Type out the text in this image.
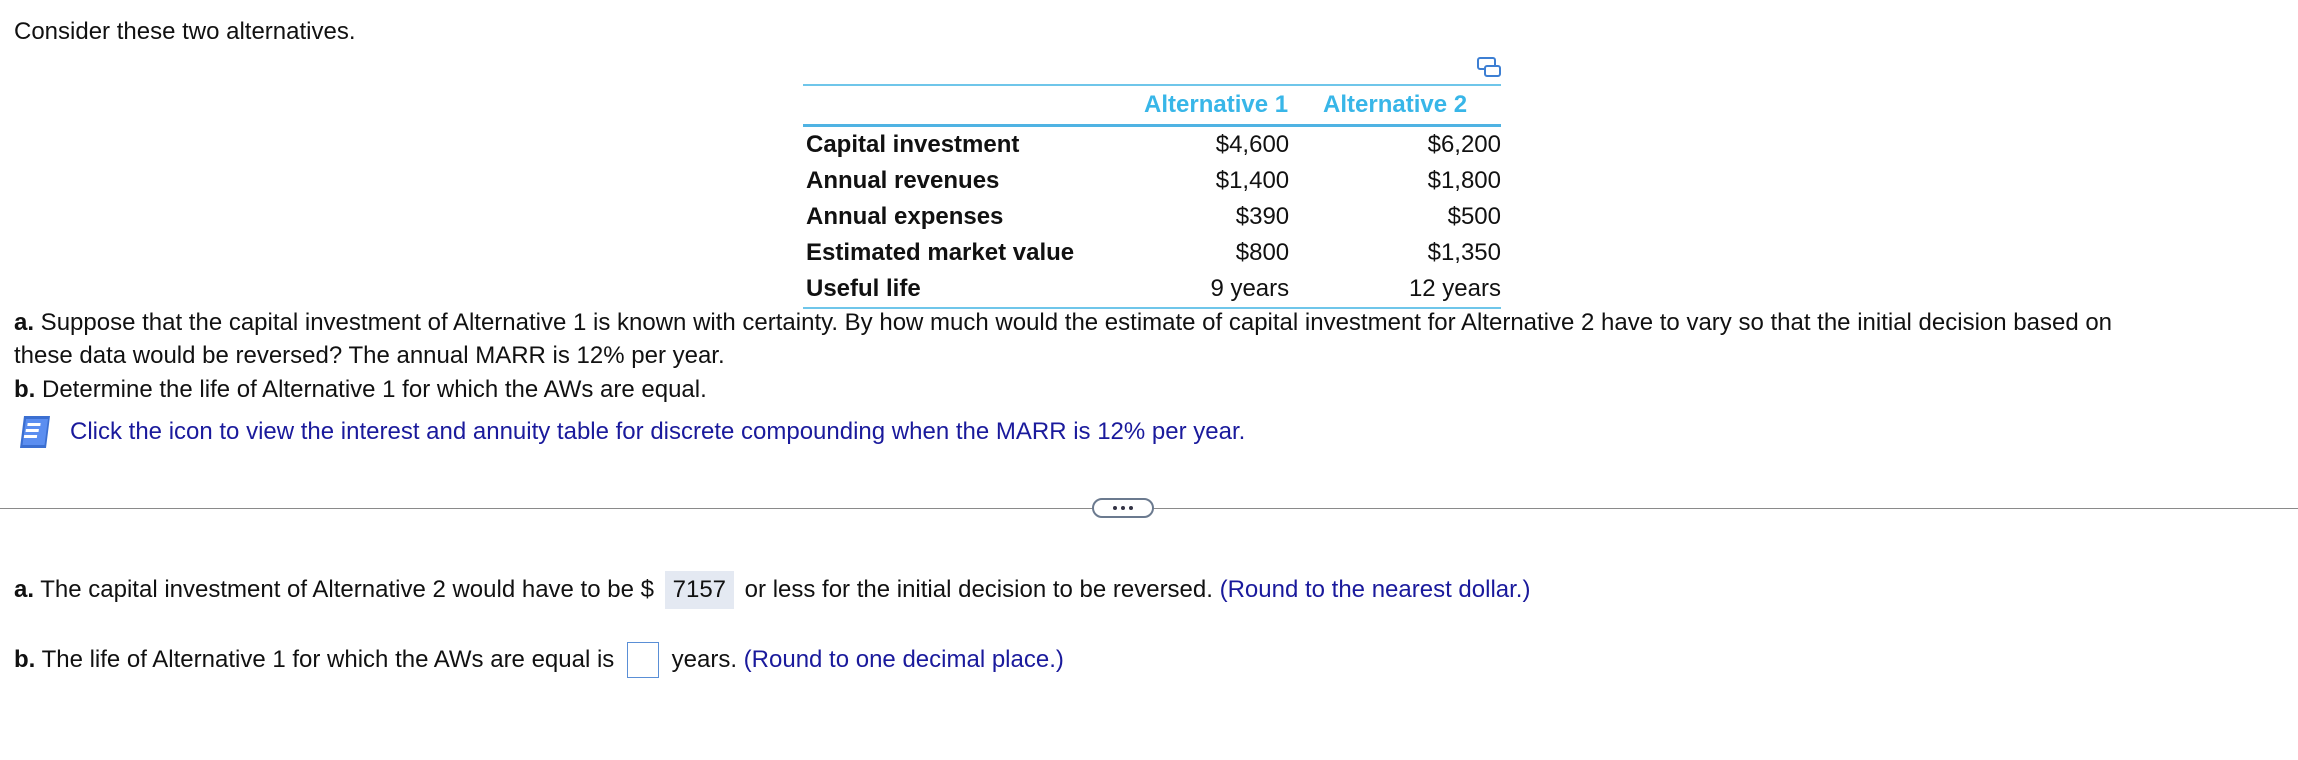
Consider these two alternatives.
	Alternative 1	Alternative 2
Capital investment	$4,600	$6,200
Annual revenues	$1,400	$1,800
Annual expenses	$390	$500
Estimated market value	$800	$1,350
Useful life	9 years	12 years
a. Suppose that the capital investment of Alternative 1 is known with certainty. By how much would the estimate of capital investment for Alternative 2 have to vary so that the initial decision based on
these data would be reversed? The annual MARR is 12% per year.
b. Determine the life of Alternative 1 for which the AWs are equal.
Click the icon to view the interest and annuity table for discrete compounding when the MARR is 12% per year.
a. The capital investment of Alternative 2 would have to be $ 7157 or less for the initial decision to be reversed. (Round to the nearest dollar.)
b. The life of Alternative 1 for which the AWs are equal is years. (Round to one decimal place.)
